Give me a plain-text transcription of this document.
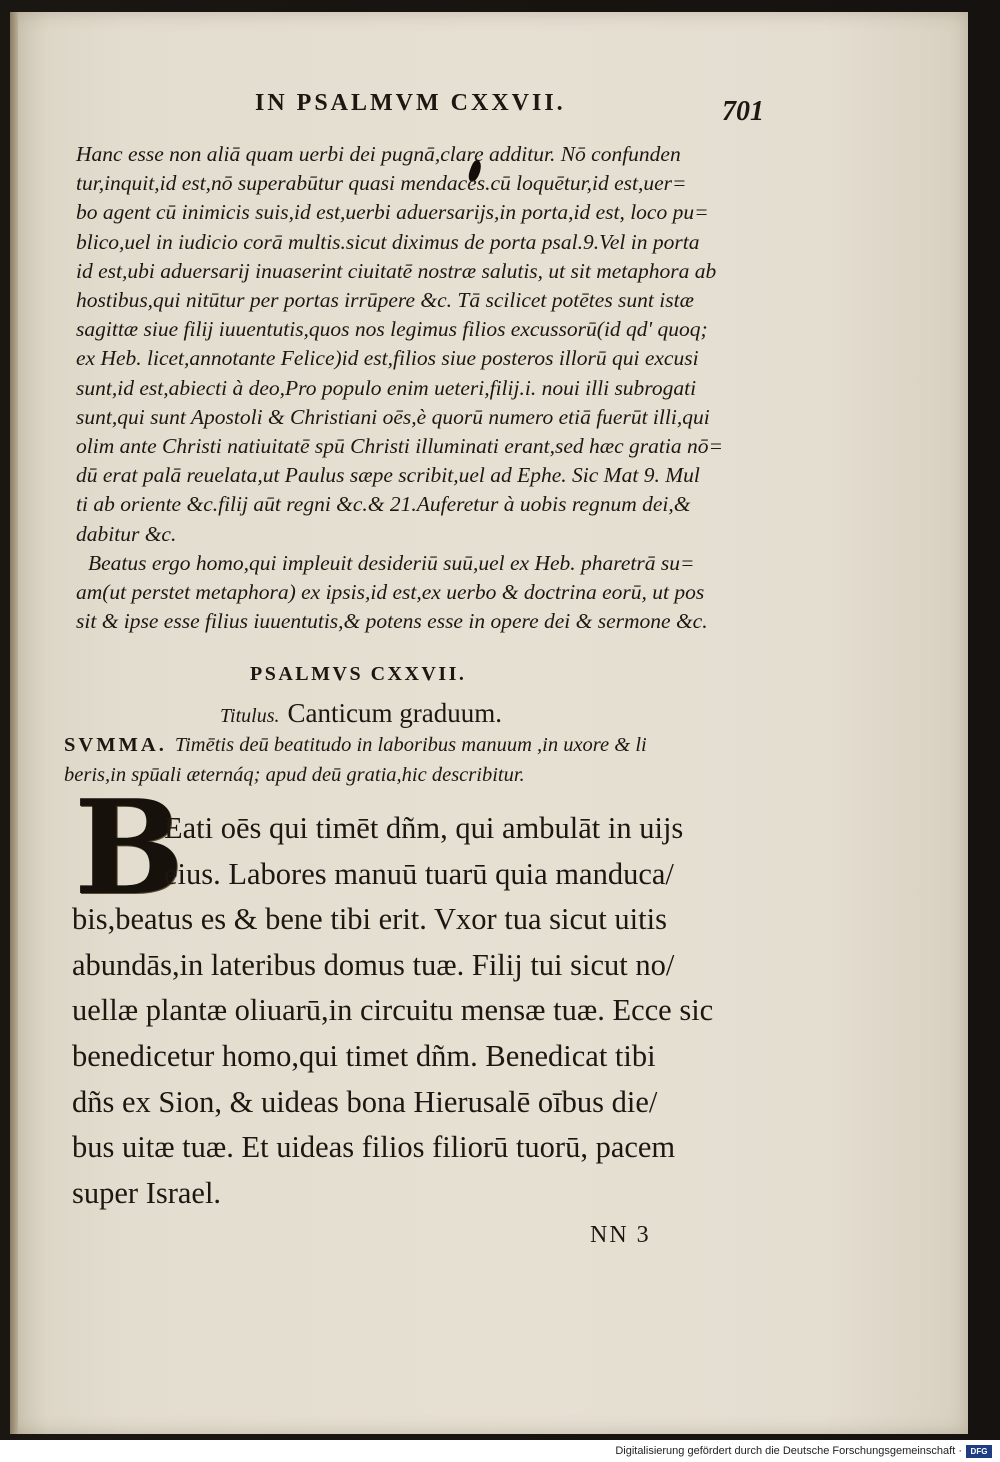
IN PSALMVM CXXVII.	701
Hanc esse non aliā quam uerbi dei pugnā,clare additur. Nō confunden
tur,inquit,id est,nō superabūtur quasi mendaces.cū loquētur,id est,uer=
bo agent cū inimicis suis,id est,uerbi aduersarijs,in porta,id est, loco pu=
blico,uel in iudicio corā multis.sicut diximus de porta psal.9.Vel in porta
id est,ubi aduersarij inuaserint ciuitatē nostræ salutis, ut sit metaphora ab
hostibus,qui nitūtur per portas irrūpere &c. Tā scilicet potētes sunt istæ
sagittæ siue filij iuuentutis,quos nos legimus filios excussorū(id qd' quoq;
ex Heb. licet,annotante Felice)id est,filios siue posteros illorū qui excusi
sunt,id est,abiecti à deo,Pro populo enim ueteri,filij.i. noui illi subrogati
sunt,qui sunt Apostoli & Christiani oēs,è quorū numero etiā fuerūt illi,qui
olim ante Christi natiuitatē spū Christi illuminati erant,sed hæc gratia nō=
dū erat palā reuelata,ut Paulus sæpe scribit,uel ad Ephe. Sic Mat 9. Mul
ti ab oriente &c.filij aūt regni &c.& 21.Auferetur à uobis regnum dei,&
dabitur &c.
Beatus ergo homo,qui impleuit desideriū suū,uel ex Heb. pharetrā su=
am(ut perstet metaphora) ex ipsis,id est,ex uerbo & doctrina eorū, ut pos
sit & ipse esse filius iuuentutis,& potens esse in opere dei & sermone &c.
PSALMVS CXXVII.
Titulus. Canticum graduum.
SVMMA. Timētis deū beatitudo in laboribus manuum ,in uxore & li
beris,in spūali æternáq; apud deū gratia,hic describitur.
B
Eati oēs qui timēt dñm, qui ambulāt in uijs
eius. Labores manuū tuarū quia manduca/
bis,beatus es & bene tibi erit. Vxor tua sicut uitis
abundās,in lateribus domus tuæ. Filij tui sicut no/
uellæ plantæ oliuarū,in circuitu mensæ tuæ. Ecce sic
benedicetur homo,qui timet dñm. Benedicat tibi
dñs ex Sion, & uideas bona Hierusalē oībus die/
bus uitæ tuæ. Et uideas filios filiorū tuorū, pacem
super Israel.
NN 3
Digitalisierung gefördert durch die Deutsche Forschungsgemeinschaft ·	DFG
